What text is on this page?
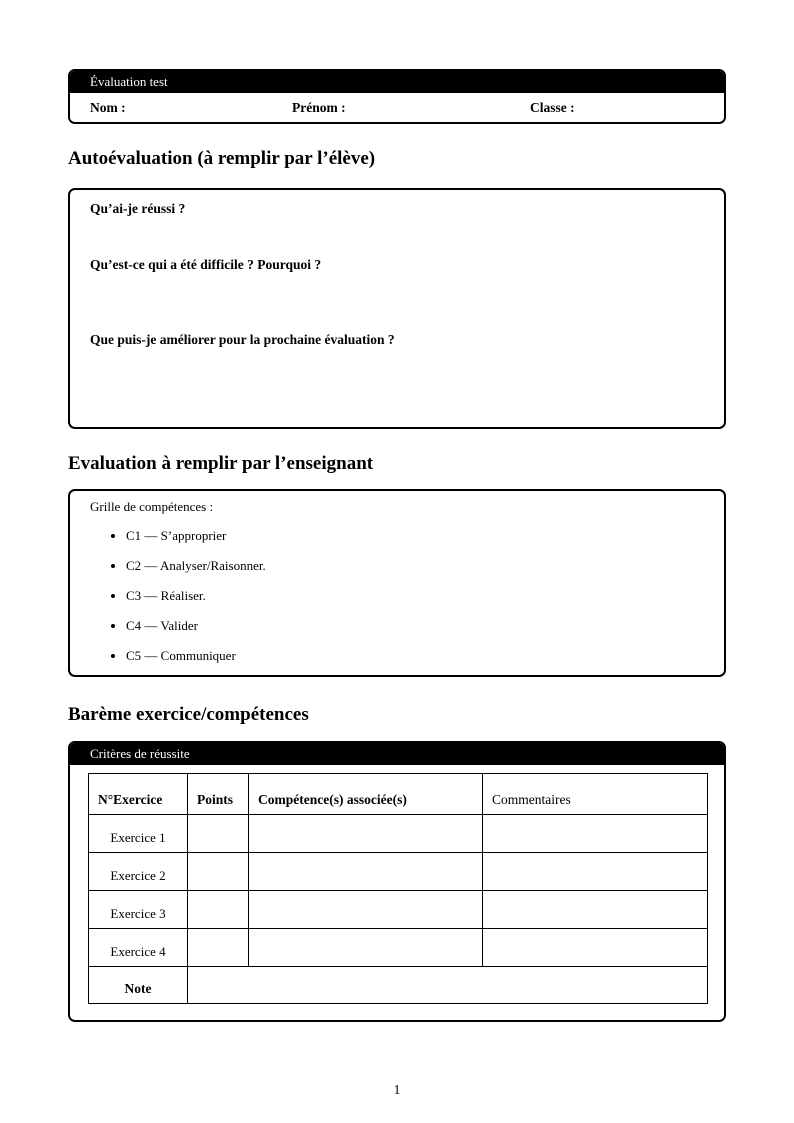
Évaluation test
Nom :	Prénom :	Classe :
Autoévaluation (à remplir par l’élève)
Qu’ai-je réussi ?
Qu’est-ce qui a été difficile ? Pourquoi ?
Que puis-je améliorer pour la prochaine évaluation ?
Evaluation à remplir par l’enseignant
Grille de compétences :
• C1 — S’approprier
• C2 — Analyser/Raisonner.
• C3 — Réaliser.
• C4 — Valider
• C5 — Communiquer
Barème exercice/compétences
Critères de réussite
N°Exercice	Points	Compétence(s) associée(s)	Commentaires
Exercice 1			
Exercice 2			
Exercice 3			
Exercice 4			
Note			
1
